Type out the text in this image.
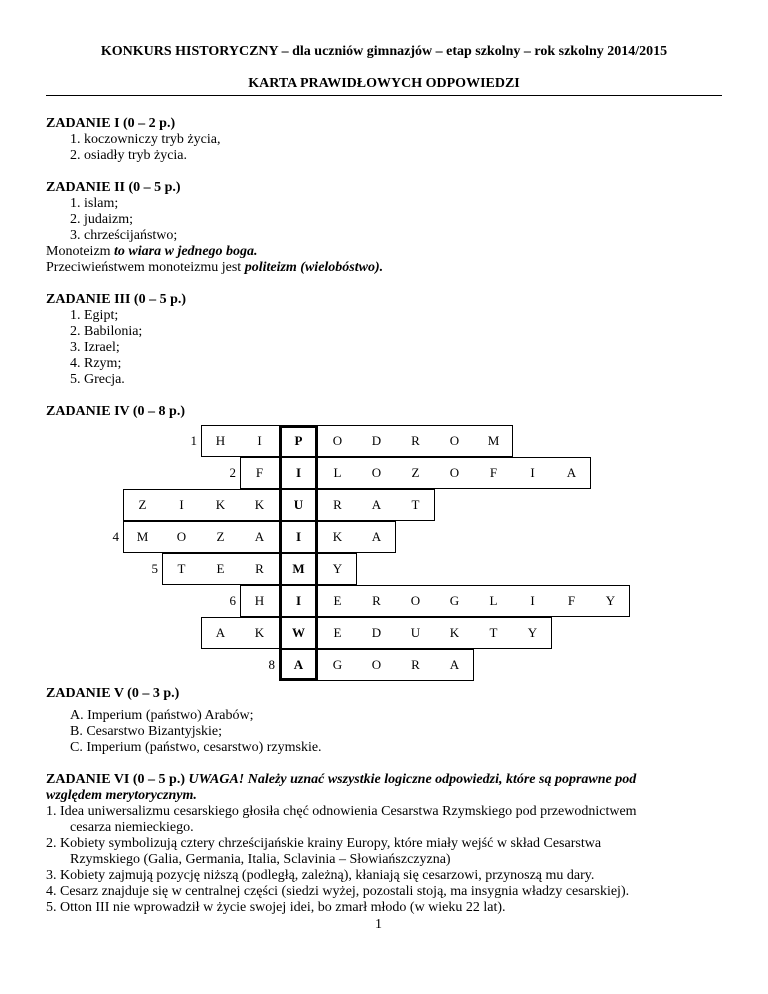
KONKURS HISTORYCZNY – dla uczniów gimnazjów – etap szkolny – rok szkolny 2014/2015
KARTA PRAWIDŁOWYCH ODPOWIEDZI
ZADANIE I (0 – 2 p.)
1. koczowniczy tryb życia,
2. osiadły tryb życia.
ZADANIE II (0 – 5 p.)
1. islam;
2. judaizm;
3. chrześcijaństwo;
Monoteizm to wiara w jednego boga.
Przeciwieństwem monoteizmu jest politeizm (wielobóstwo).
ZADANIE III (0 – 5 p.)
1. Egipt;
2. Babilonia;
3. Izrael;
4. Rzym;
5. Grecja.
ZADANIE IV (0 – 8 p.)
1	H	I	P	O	D	R	O	M
2	F	I	L	O	Z	O	F	I	A
Z	I	K	K	U	R	A	T
4	M	O	Z	A	I	K	A
5	T	E	R	M	Y
6	H	I	E	R	O	G	L	I	F	Y
A	K	W	E	D	U	K	T	Y
8	A	G	O	R	A
ZADANIE V (0 – 3 p.)
A. Imperium (państwo) Arabów;
B. Cesarstwo Bizantyjskie;
C. Imperium (państwo, cesarstwo) rzymskie.
ZADANIE VI (0 – 5 p.) UWAGA! Należy uznać wszystkie logiczne odpowiedzi, które są poprawne pod
względem merytorycznym.
1. Idea uniwersalizmu cesarskiego głosiła chęć odnowienia Cesarstwa Rzymskiego pod przewodnictwem
cesarza niemieckiego.
2. Kobiety symbolizują cztery chrześcijańskie krainy Europy, które miały wejść w skład Cesarstwa
Rzymskiego (Galia, Germania, Italia, Sclavinia – Słowiańszczyzna)
3. Kobiety zajmują pozycję niższą (podległą, zależną), kłaniają się cesarzowi, przynoszą mu dary.
4. Cesarz znajduje się w centralnej części (siedzi wyżej, pozostali stoją, ma insygnia władzy cesarskiej).
5. Otton III nie wprowadził w życie swojej idei, bo zmarł młodo (w wieku 22 lat).
1
